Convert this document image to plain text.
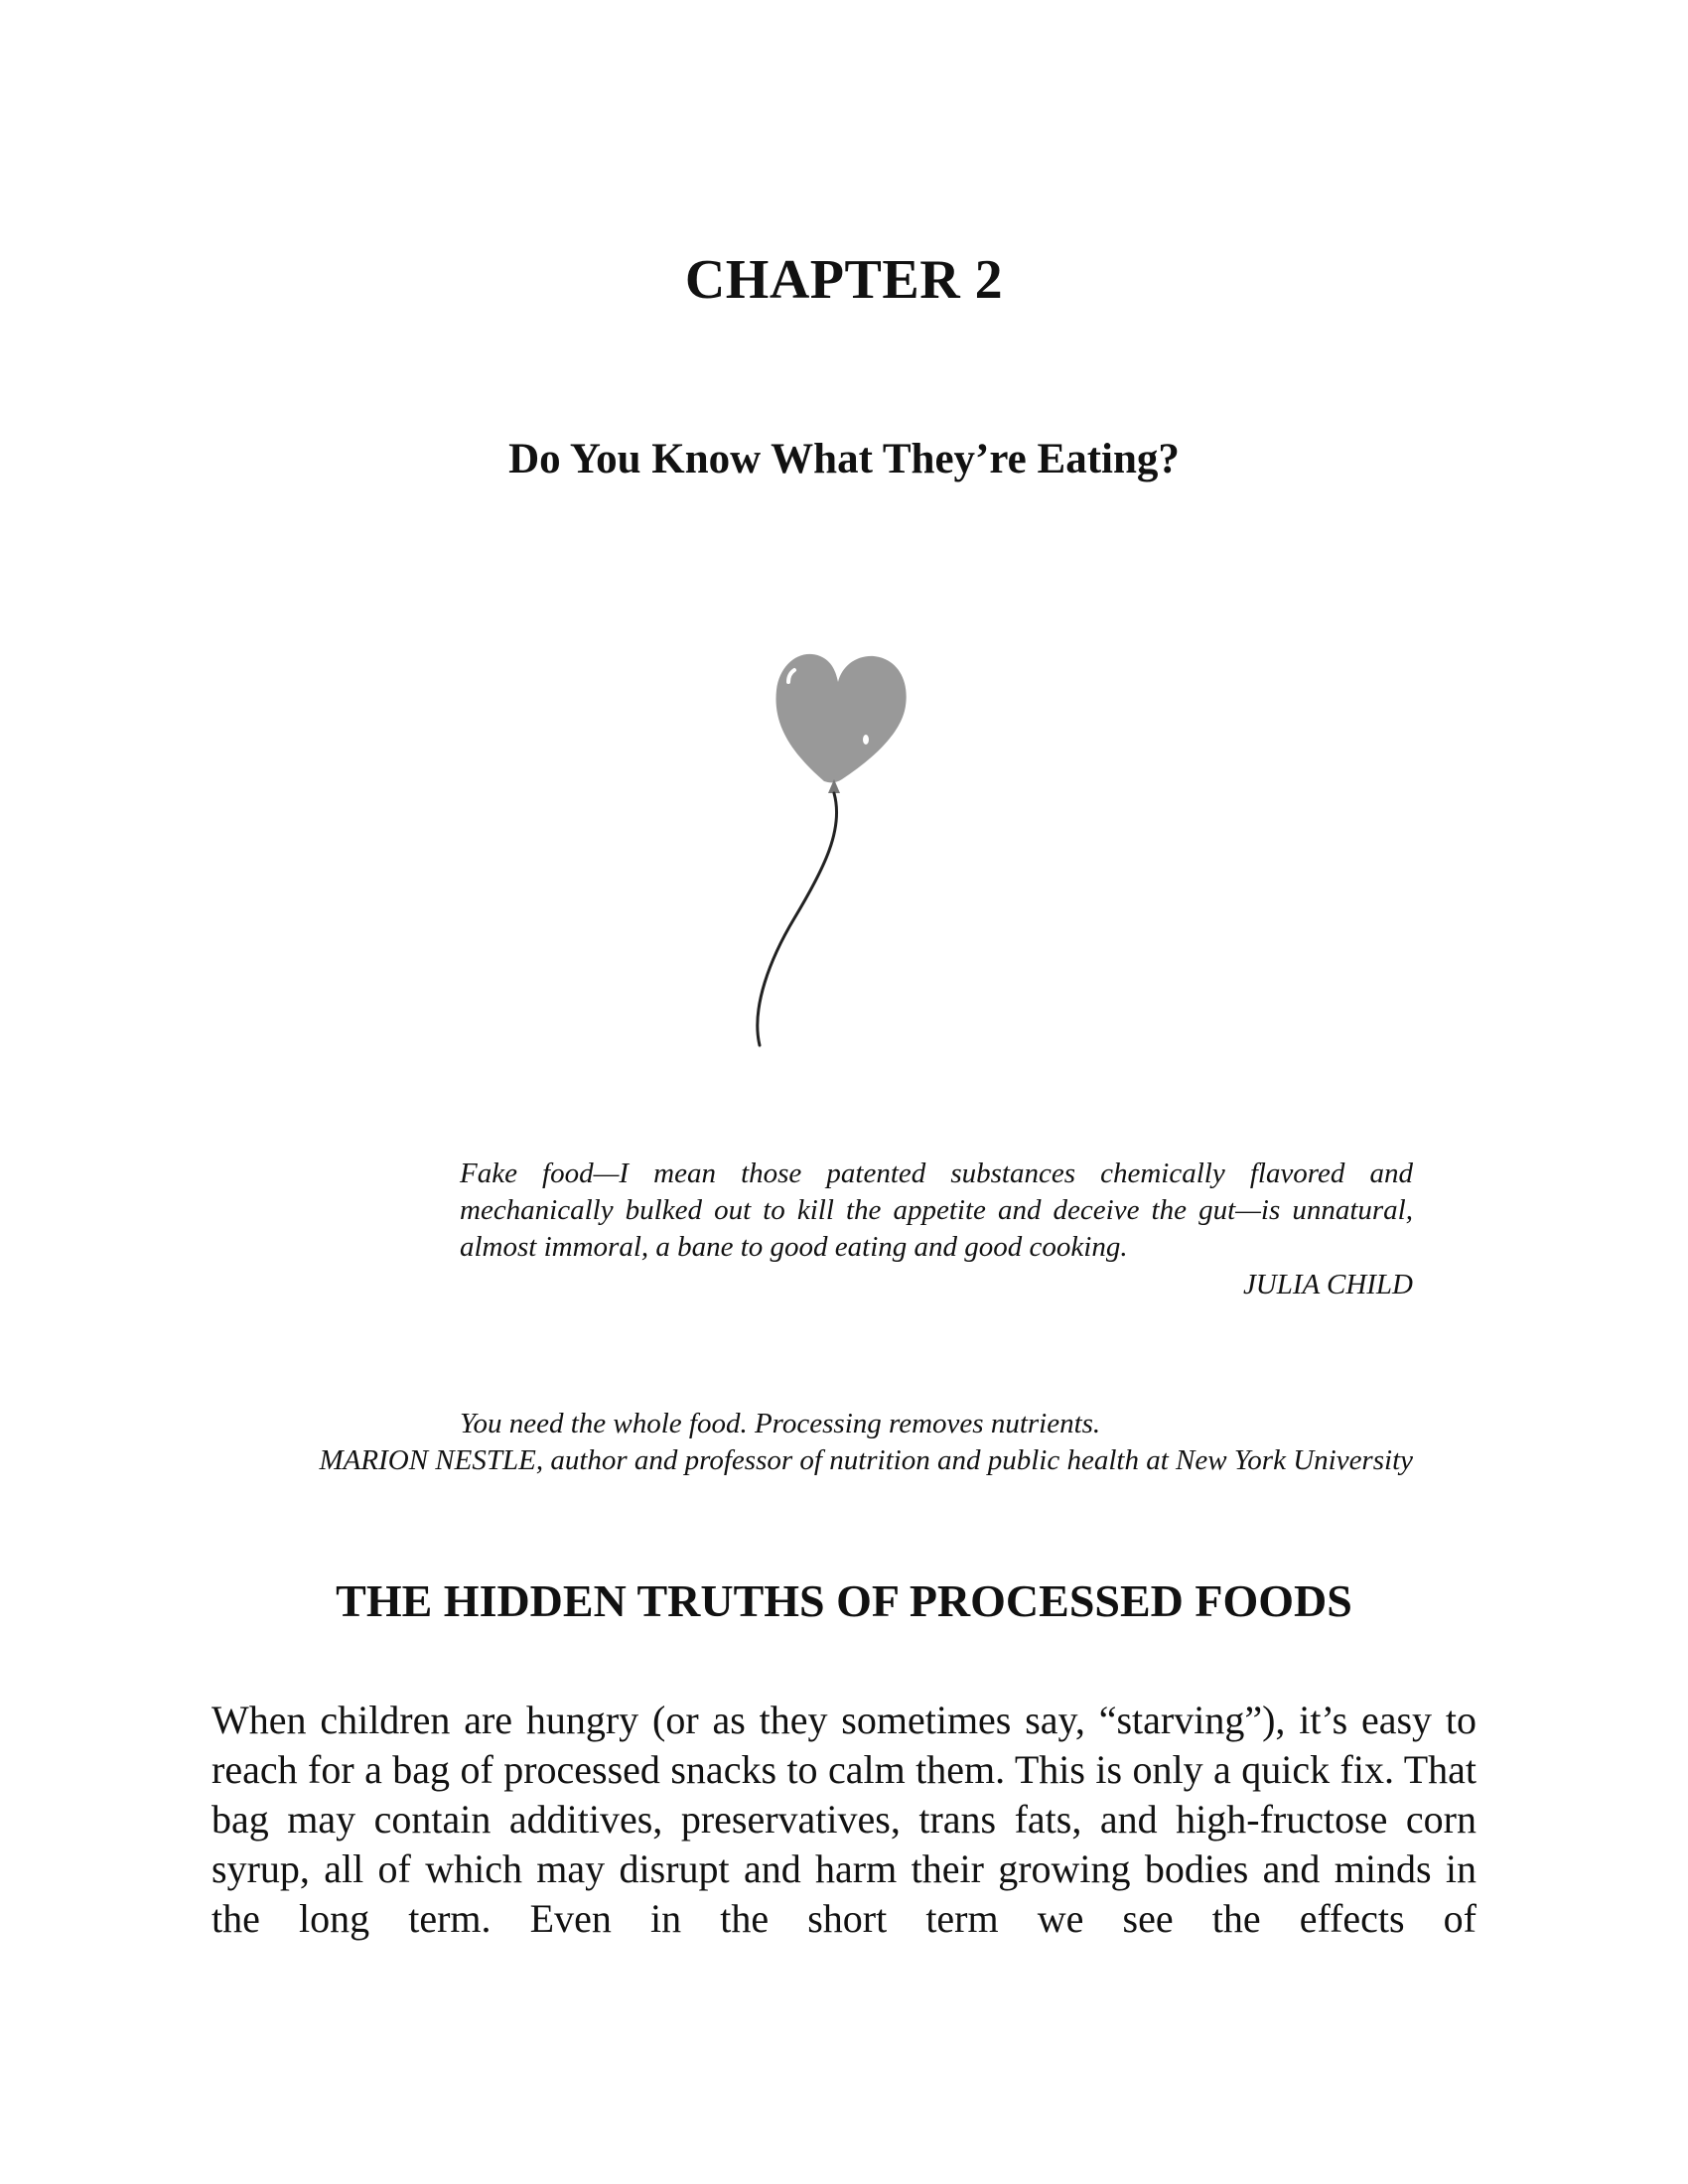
CHAPTER 2
Do You Know What They’re Eating?

Fake food—I mean those patented substances chemically flavored and mechanically bulked out to kill the appetite and deceive the gut—is unnatural, almost immoral, a bane to good eating and good cooking.

JULIA CHILD

You need the whole food. Processing removes nutrients.

MARION NESTLE, author and professor of nutrition and public health at New York University

THE HIDDEN TRUTHS OF PROCESSED FOODS

When children are hungry (or as they sometimes say, “starving”), it’s easy to reach for a bag of processed snacks to calm them. This is only a quick fix. That bag may contain additives, preservatives, trans fats, and high-fructose corn syrup, all of which may disrupt and harm their growing bodies and minds in the long term. Even in the short term we see the effects of
